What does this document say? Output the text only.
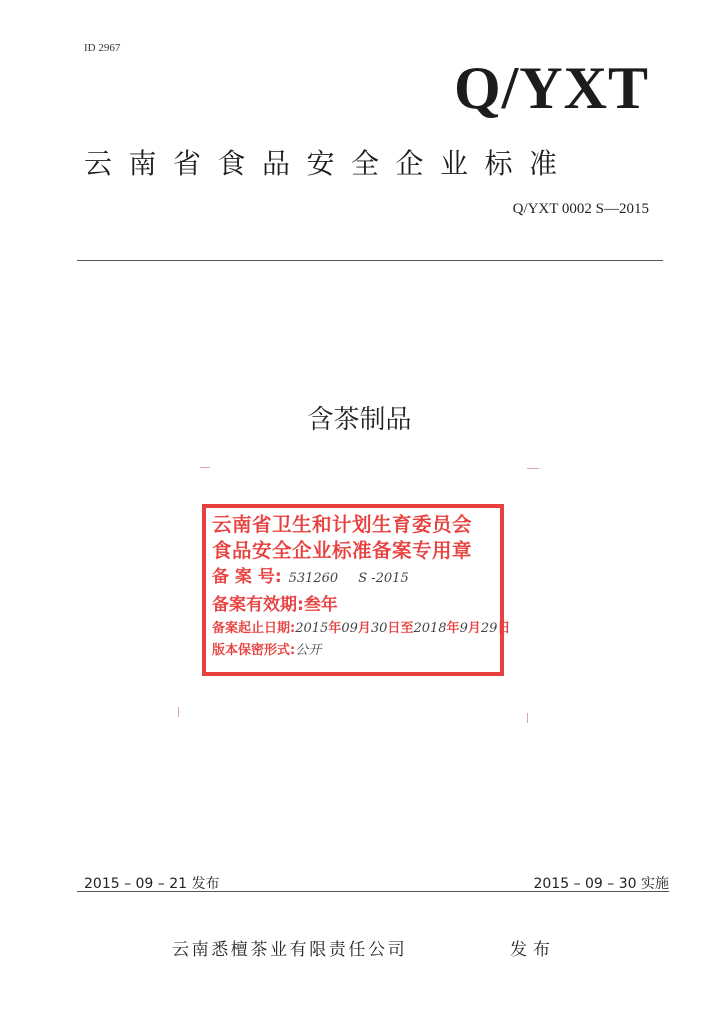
ID 2967
Q/YXT
云南省食品安全企业标准
Q/YXT 0002 S—2015
含茶制品
云南省卫生和计划生育委员会
食品安全企业标准备案专用章
备 案 号: 531260 S -2015
备案有效期:叁年
备案起止日期:2015年09月30日至2018年9月29日
版本保密形式:公开
2015 – 09 – 21 发布	2015 – 09 – 30 实施
云南悉檀茶业有限责任公司	发布
